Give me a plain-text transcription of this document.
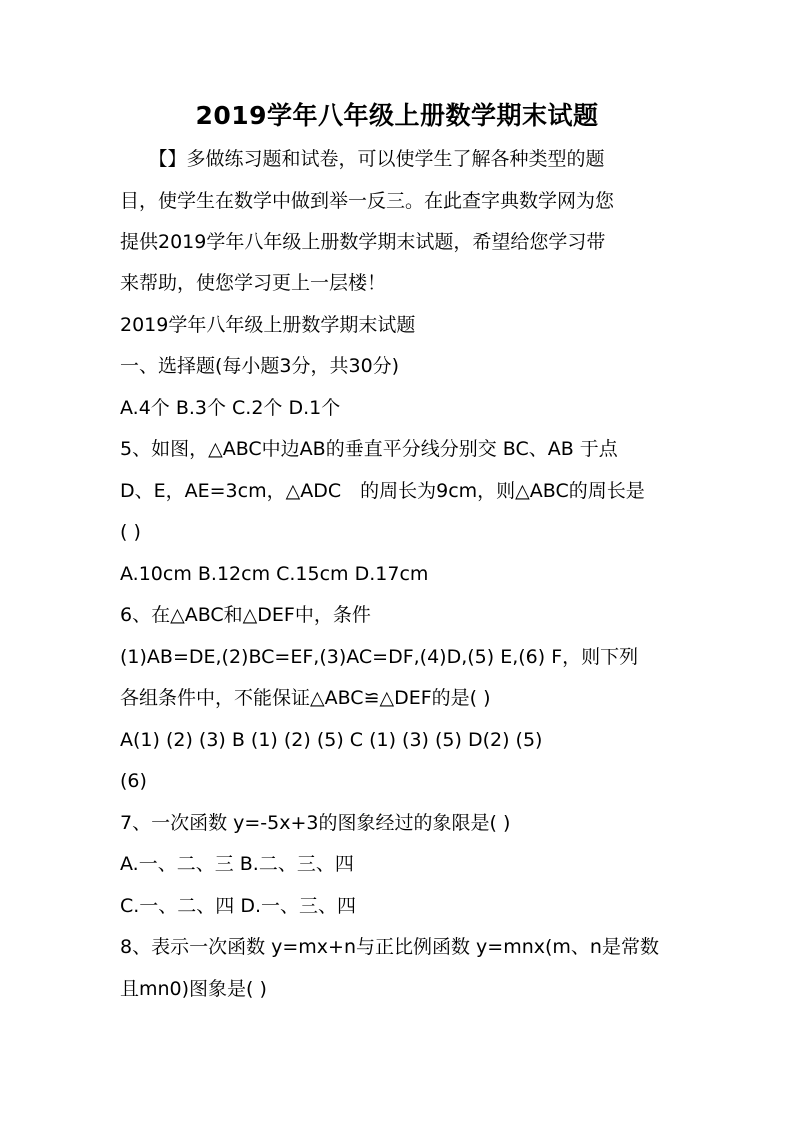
2019学年八年级上册数学期末试题
　　【】多做练习题和试卷，可以使学生了解各种类型的题
目，使学生在数学中做到举一反三。在此查字典数学网为您
提供2019学年八年级上册数学期末试题，希望给您学习带
来帮助，使您学习更上一层楼！
2019学年八年级上册数学期末试题
一、选择题(每小题3分，共30分)
A.4个 B.3个 C.2个 D.1个
5、如图，△ABC中边AB的垂直平分线分别交 BC、AB 于点
D、E，AE=3cm，△ADC　的周长为9cm，则△ABC的周长是
( )
A.10cm B.12cm C.15cm D.17cm
6、在△ABC和△DEF中，条件
(1)AB=DE,(2)BC=EF,(3)AC=DF,(4)D,(5) E,(6) F，则下列
各组条件中，不能保证△ABC≌△DEF的是( )
A(1) (2) (3) B (1) (2) (5) C (1) (3) (5) D(2) (5)
(6)
7、一次函数 y=-5x+3的图象经过的象限是( )
A.一、二、三 B.二、三、四
C.一、二、四 D.一、三、四
8、表示一次函数 y=mx+n与正比例函数 y=mnx(m、n是常数
且mn0)图象是( )
